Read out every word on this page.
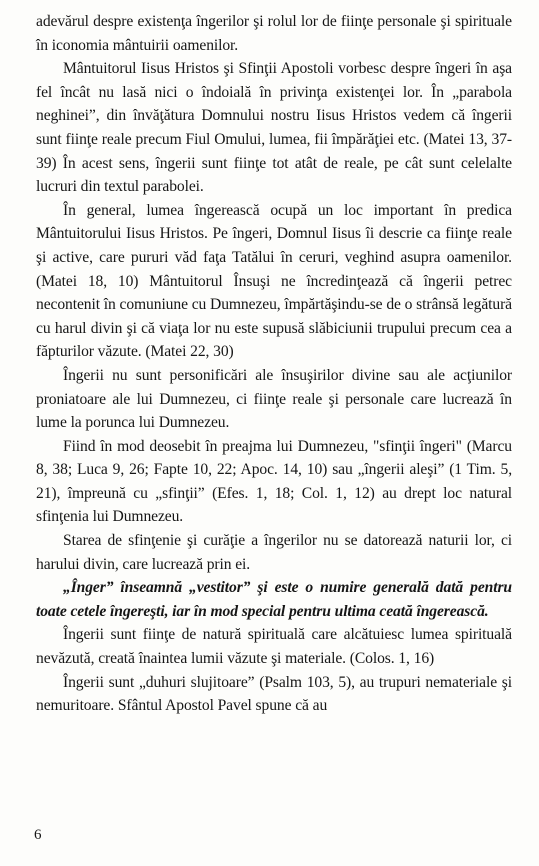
adevărul despre existenţa îngerilor şi rolul lor de fiinţe personale şi spirituale în iconomia mântuirii oamenilor.

Mântuitorul Iisus Hristos şi Sfinţii Apostoli vorbesc despre îngeri în aşa fel încât nu lasă nici o îndoială în privinţa existenţei lor. În „parabola neghinei”, din învăţătura Domnului nostru Iisus Hristos vedem că îngerii sunt fiinţe reale precum Fiul Omului, lumea, fii împărăţiei etc. (Matei 13, 37-39) În acest sens, îngerii sunt fiinţe tot atât de reale, pe cât sunt celelalte lucruri din textul parabolei.

În general, lumea îngerească ocupă un loc important în predica Mântuitorului Iisus Hristos. Pe îngeri, Domnul Iisus îi descrie ca fiinţe reale şi active, care pururi văd faţa Tatălui în ceruri, veghind asupra oamenilor. (Matei 18, 10) Mântuitorul Însuşi ne încredinţează că îngerii petrec necontenit în comuniune cu Dumnezeu, împărtăşindu-se de o strânsă legătură cu harul divin şi că viaţa lor nu este supusă slăbiciunii trupului precum cea a făpturilor văzute. (Matei 22, 30)

Îngerii nu sunt personificări ale însuşirilor divine sau ale acţiunilor proniatoare ale lui Dumnezeu, ci fiinţe reale şi personale care lucrează în lume la porunca lui Dumnezeu.

Fiind în mod deosebit în preajma lui Dumnezeu, "sfinţii îngeri" (Marcu 8, 38; Luca 9, 26; Fapte 10, 22; Apoc. 14, 10) sau „îngerii aleşi” (1 Tim. 5, 21), împreună cu „sfinţii” (Efes. 1, 18; Col. 1, 12) au drept loc natural sfinţenia lui Dumnezeu.

Starea de sfinţenie şi curăţie a îngerilor nu se datorează naturii lor, ci harului divin, care lucrează prin ei.

„Înger” înseamnă „vestitor” şi este o numire generală dată pentru toate cetele îngereşti, iar în mod special pentru ultima ceată îngerească.

Îngerii sunt fiinţe de natură spirituală care alcătuiesc lumea spirituală nevăzută, creată înaintea lumii văzute şi materiale. (Colos. 1, 16)

Îngerii sunt „duhuri slujitoare” (Psalm 103, 5), au trupuri nemateriale şi nemuritoare. Sfântul Apostol Pavel spune că au

6
